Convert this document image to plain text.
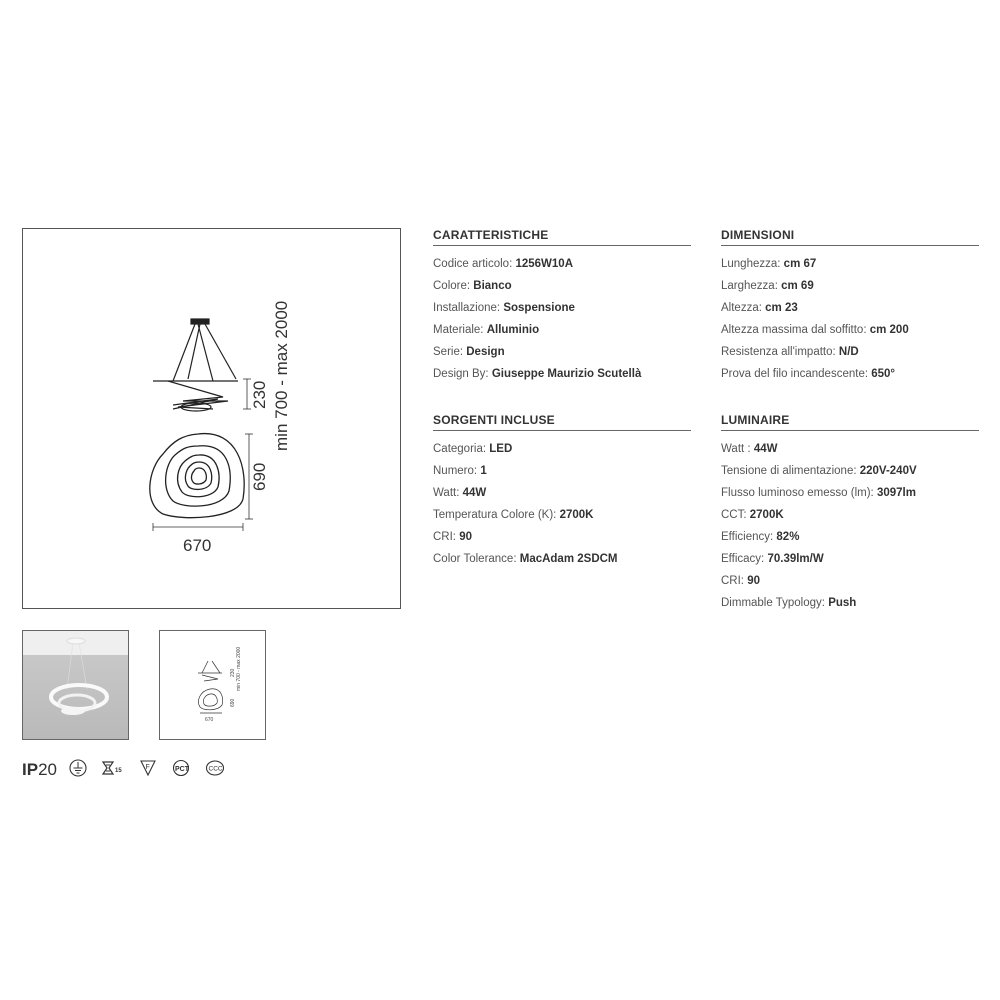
230 min 700 - max 2000
690
670
230 min 700 - max 2000
690
670
CARATTERISTICHE
Codice articolo: 1256W10A
Colore: Bianco
Installazione: Sospensione
Materiale: Alluminio
Serie: Design
Design By: Giuseppe Maurizio Scutellà
SORGENTI INCLUSE
Categoria: LED
Numero: 1
Watt: 44W
Temperatura Colore (K): 2700K
CRI: 90
Color Tolerance: MacAdam 2SDCM
DIMENSIONI
Lunghezza: cm 67
Larghezza: cm 69
Altezza: cm 23
Altezza massima dal soffitto: cm 200
Resistenza all'impatto: N/D
Prova del filo incandescente: 650°
LUMINAIRE
Watt : 44W
Tensione di alimentazione: 220V-240V
Flusso luminoso emesso (lm): 3097lm
CCT: 2700K
Efficiency: 82%
Efficacy: 70.39lm/W
CRI: 90
Dimmable Typology: Push
IP20	15	F	PCT	CCC
